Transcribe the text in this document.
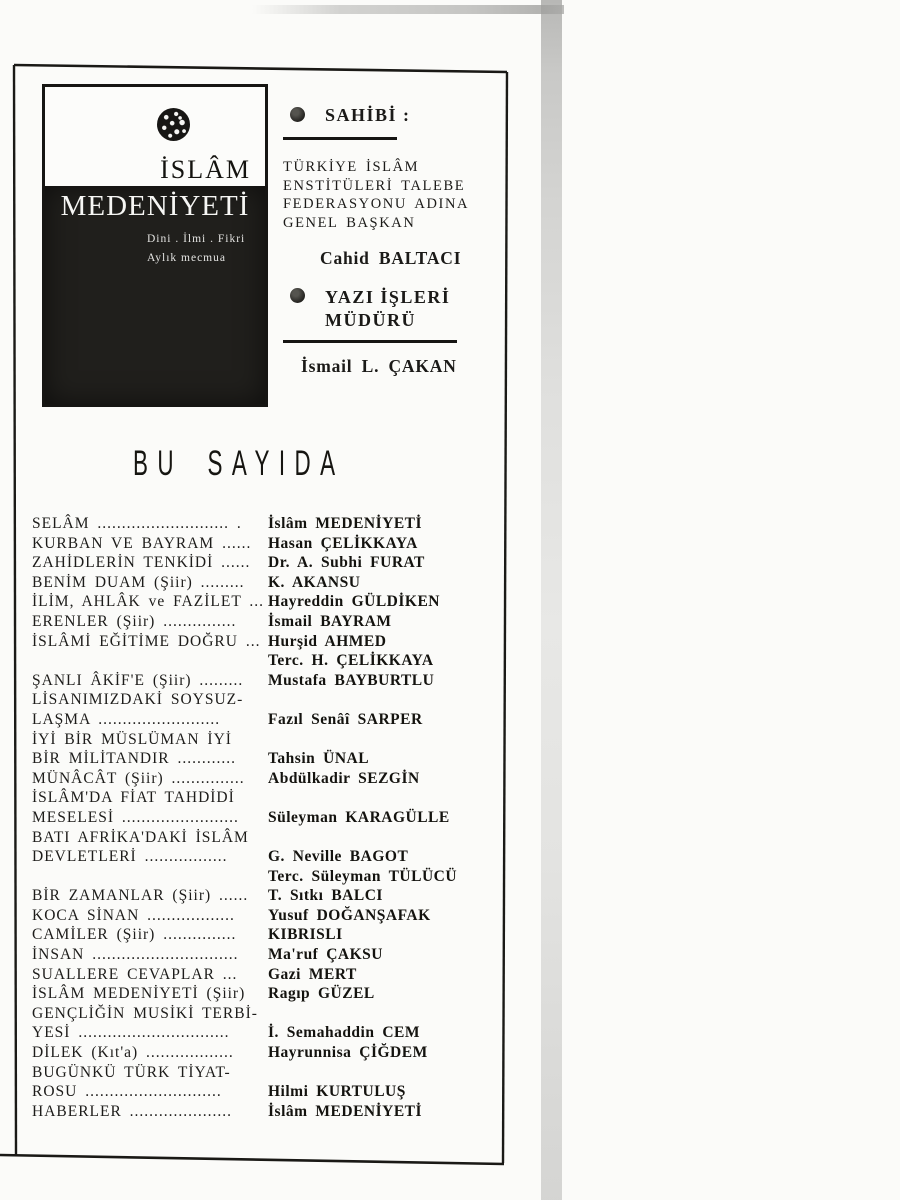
İSLÂM
MEDENİYETİ
Dini . İlmi . Fikri
Aylık mecmua
SAHİBİ :
TÜRKİYE İSLÂM
ENSTİTÜLERİ TALEBE
FEDERASYONU ADINA
GENEL BAŞKAN
Cahid BALTACI
YAZI İŞLERİ
MÜDÜRÜ
İsmail L. ÇAKAN
BU SAYIDA
SELÂM ........................... .	İslâm MEDENİYETİ
KURBAN VE BAYRAM ......	Hasan ÇELİKKAYA
ZAHİDLERİN TENKİDİ ......	Dr. A. Subhi FURAT
BENİM DUAM (Şiir) .........	K. AKANSU
İLİM, AHLÂK ve FAZİLET ... Hayreddin GÜLDİKEN
ERENLER (Şiir) ...............	İsmail BAYRAM
İSLÂMİ EĞİTİME DOĞRU ... Hurşid AHMED
Terc. H. ÇELİKKAYA
ŞANLI ÂKİF'E (Şiir) .........	Mustafa BAYBURTLU
LİSANIMIZDAKİ SOYSUZ-
LAŞMA .........................	Fazıl Senâî SARPER
İYİ BİR MÜSLÜMAN İYİ
BİR MİLİTANDIR ............	Tahsin ÜNAL
MÜNÂCÂT (Şiir) ...............	Abdülkadir SEZGİN
İSLÂM'DA FİAT TAHDİDİ
MESELESİ ........................	Süleyman KARAGÜLLE
BATI AFRİKA'DAKİ İSLÂM
DEVLETLERİ .................	G. Neville BAGOT
Terc. Süleyman TÜLÜCÜ
BİR ZAMANLAR (Şiir) ......	T. Sıtkı BALCI
KOCA SİNAN ..................	Yusuf DOĞANŞAFAK
CAMİLER (Şiir) ...............	KIBRISLI
İNSAN ..............................	Ma'ruf ÇAKSU
SUALLERE CEVAPLAR ...	Gazi MERT
İSLÂM MEDENİYETİ (Şiir)	Ragıp GÜZEL
GENÇLİĞİN MUSİKİ TERBİ-
YESİ ...............................	İ. Semahaddin CEM
DİLEK (Kıt'a) ..................	Hayrunnisa ÇİĞDEM
BUGÜNKÜ TÜRK TİYAT-
ROSU ............................	Hilmi KURTULUŞ
HABERLER .....................	İslâm MEDENİYETİ
